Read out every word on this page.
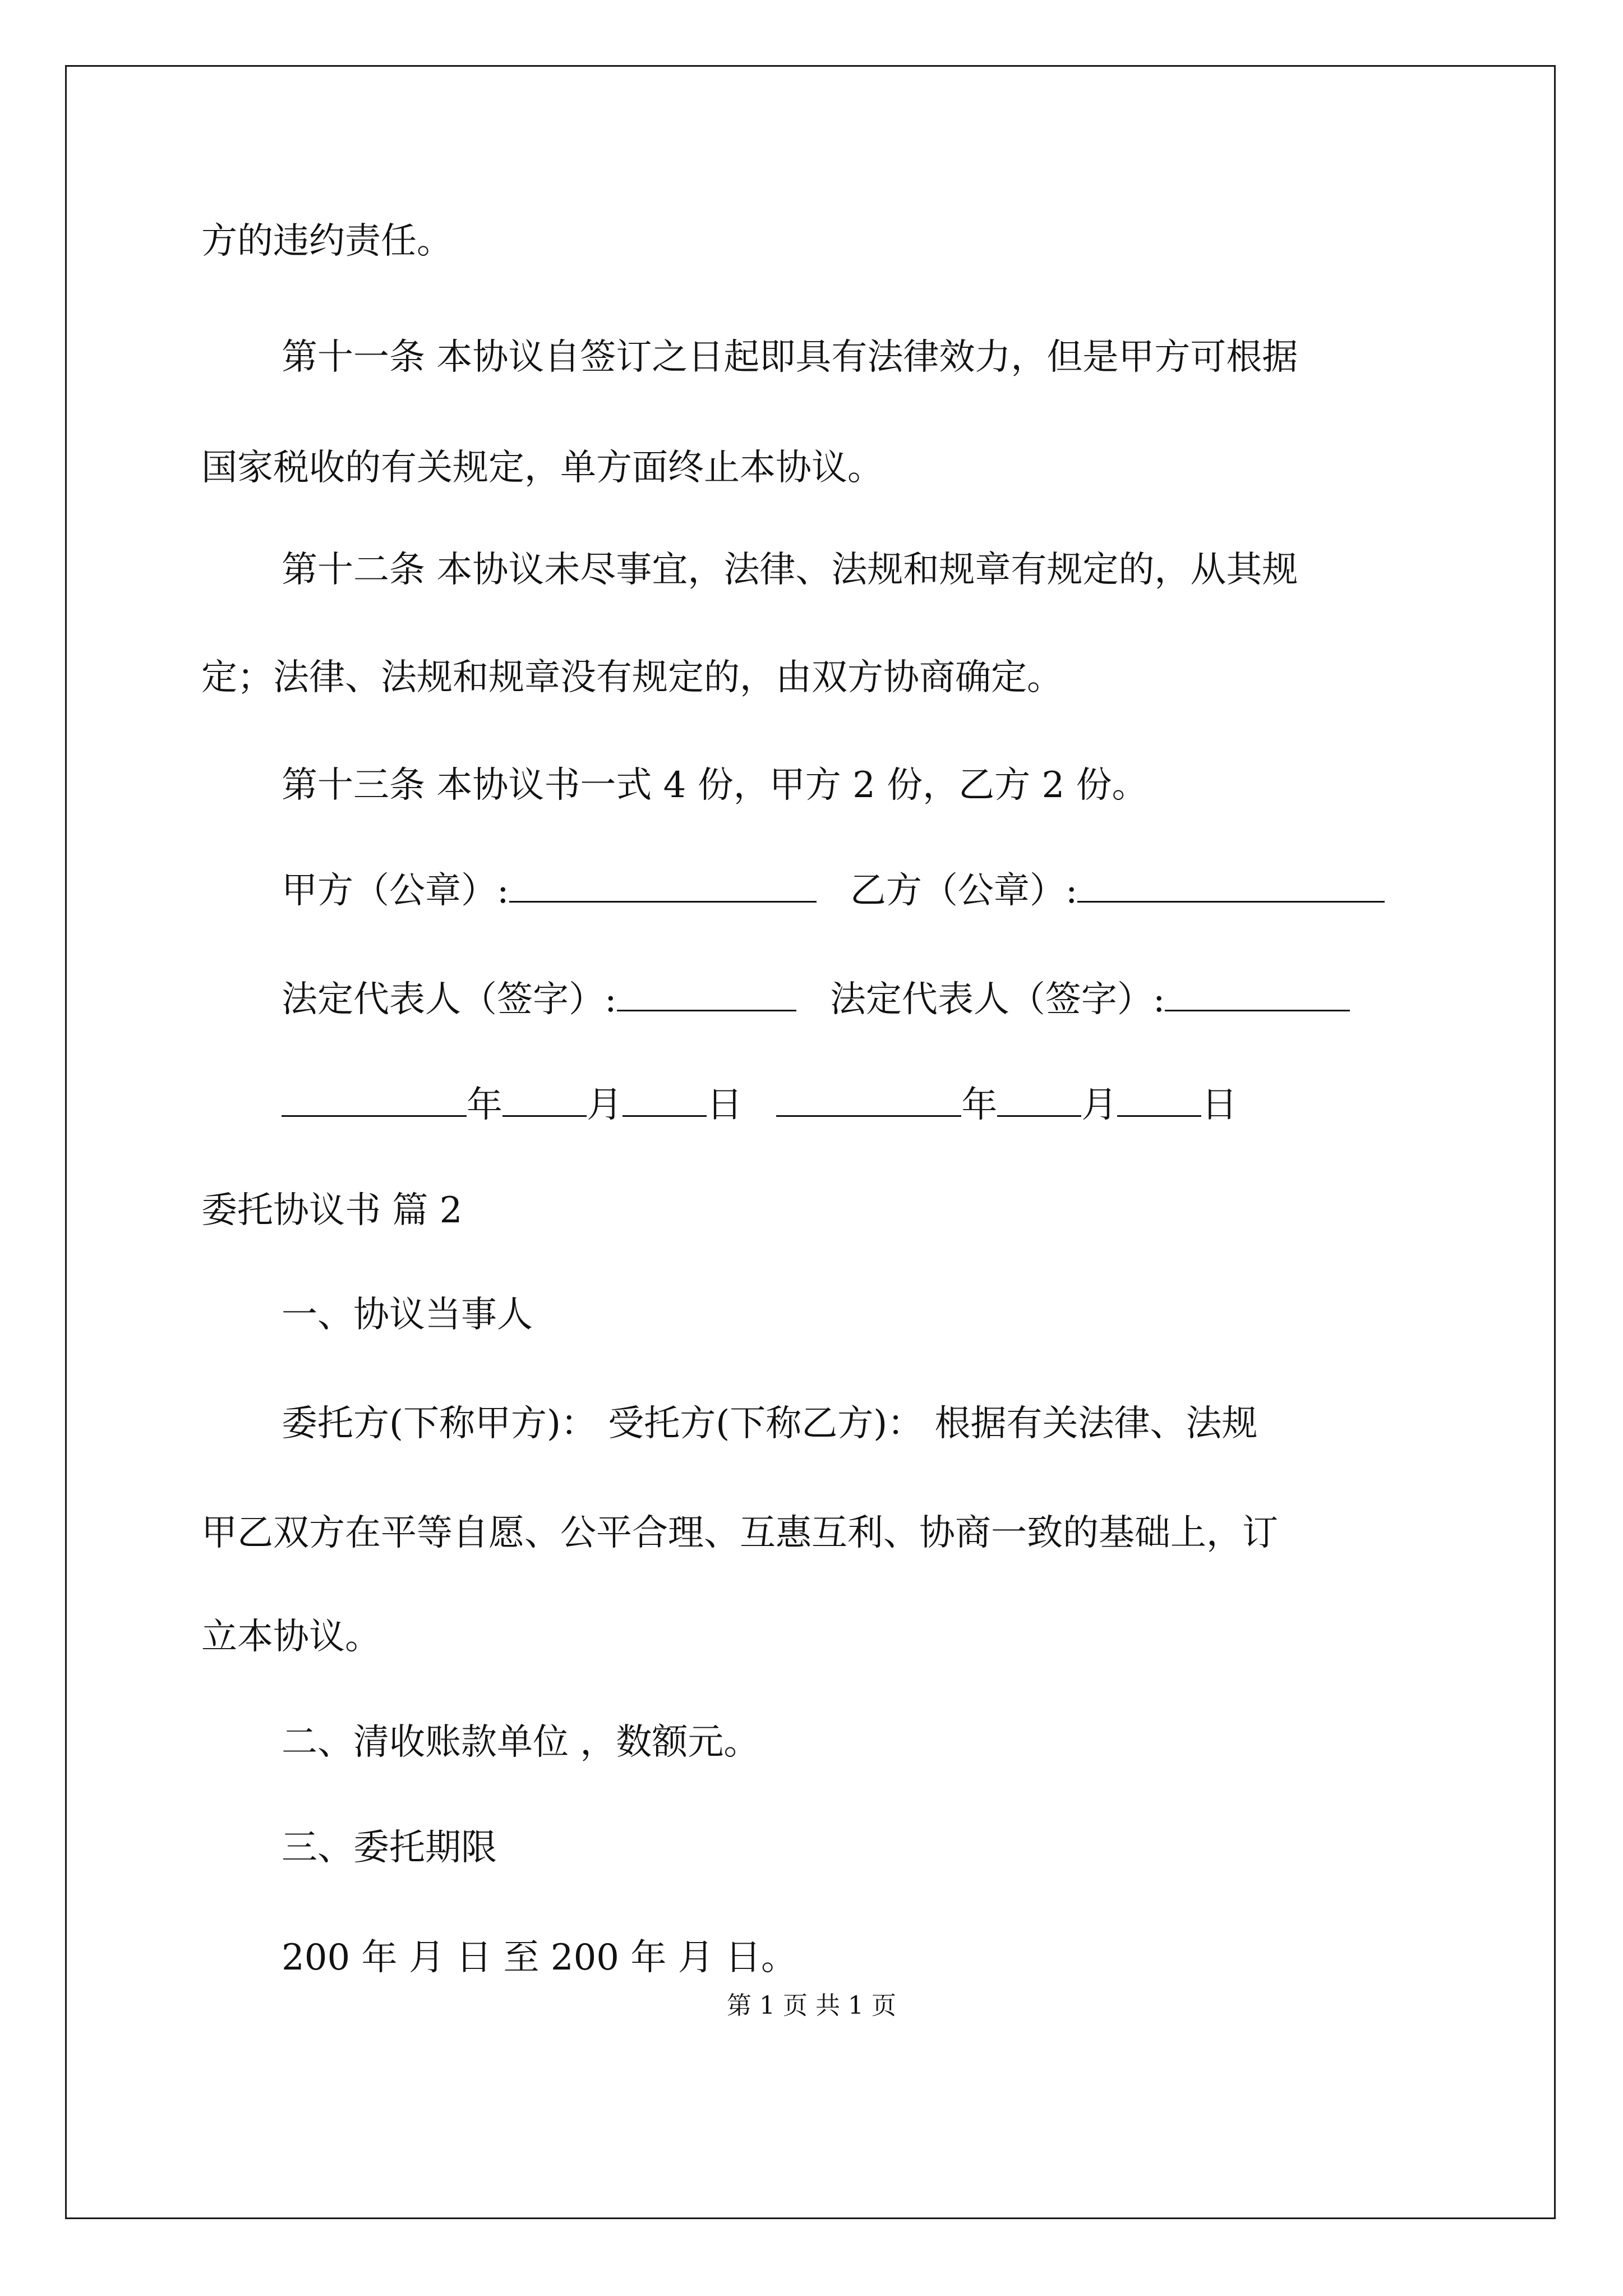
方的违约责任。
第十一条 本协议自签订之日起即具有法律效力，但是甲方可根据
国家税收的有关规定，单方面终止本协议。
第十二条 本协议未尽事宜，法律、法规和规章有规定的，从其规
定；法律、法规和规章没有规定的，由双方协商确定。
第十三条 本协议书一式 4 份，甲方 2 份，乙方 2 份。
甲方（公章）:	乙方（公章）:
法定代表人（签字）:	法定代表人（签字）:
年 月 日	年 月 日
委托协议书 篇 2
一、协议当事人
委托方(下称甲方)： 受托方(下称乙方)： 根据有关法律、法规
甲乙双方在平等自愿、公平合理、互惠互利、协商一致的基础上，订
立本协议。
二、清收账款单位 ，数额元。
三、委托期限
200 年 月 日 至 200 年 月 日。
第 1 页 共 1 页
